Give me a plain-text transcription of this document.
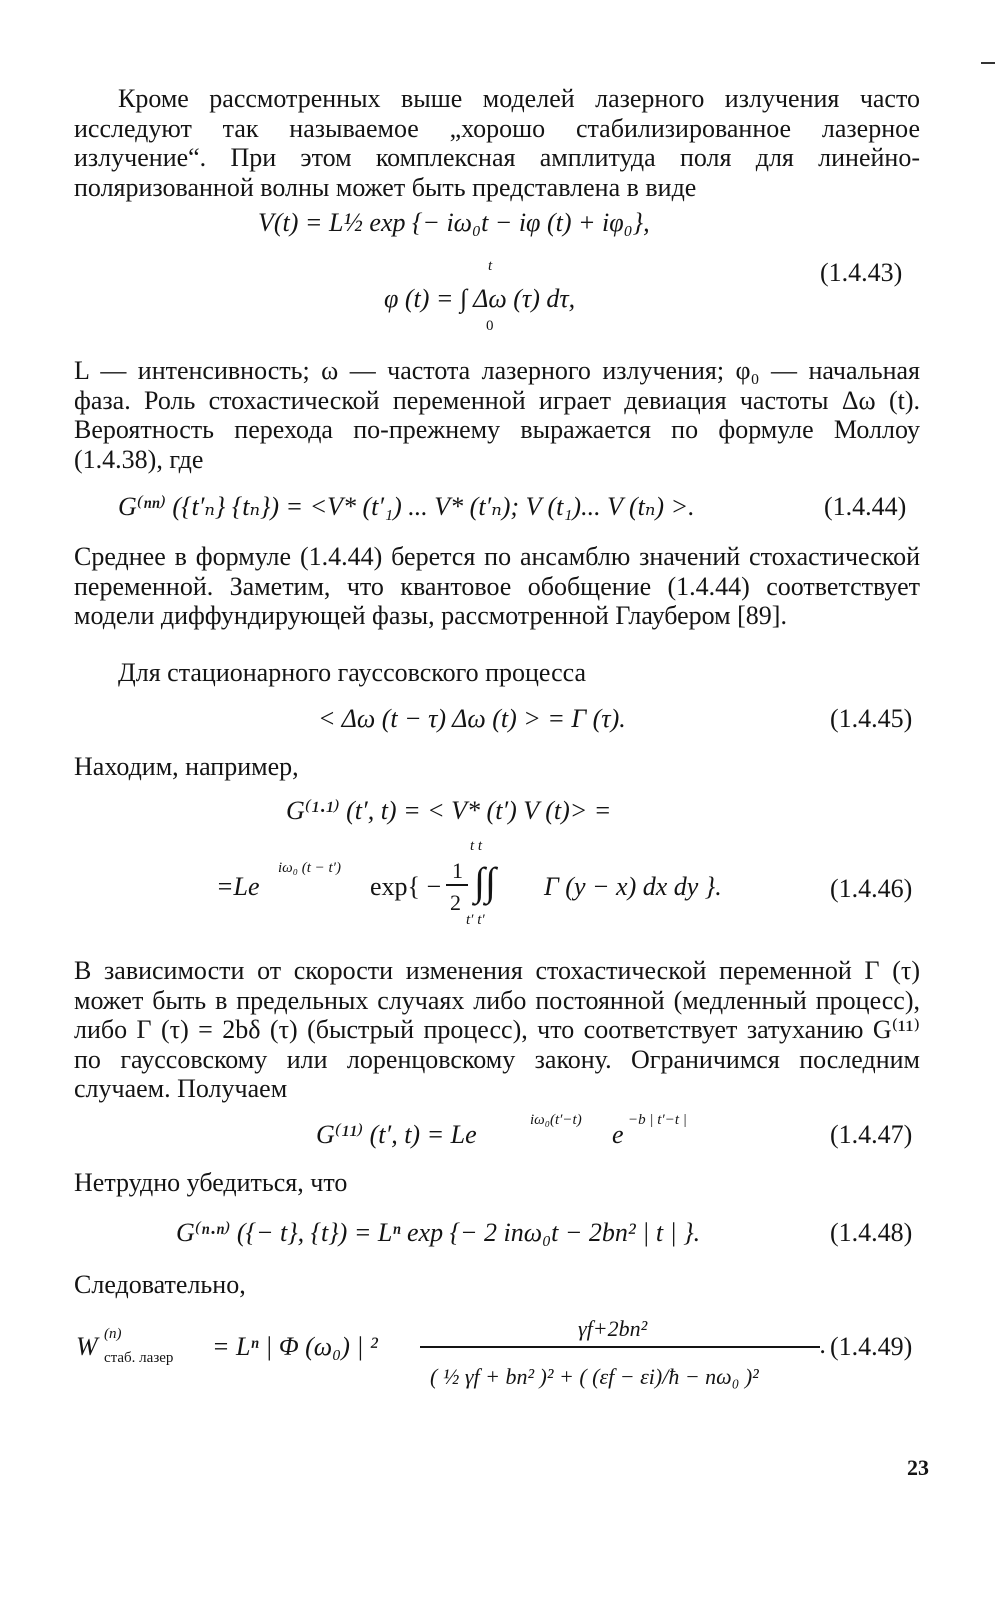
Кроме рассмотренных выше моделей лазерного излучения часто исследуют так называемое „хорошо стабилизированное лазерное излучение“. При этом комплексная амплитуда поля для линейно-поляризованной волны может быть представлена в виде

V(t) = L½ exp {− iω₀t − iφ (t) + iφ₀},
t
φ (t) = ∫ Δω (τ) dτ,
0
(1.4.43)

L — интенсивность; ω — частота лазерного излучения; φ₀ — начальная фаза. Роль стохастической переменной играет девиация частоты Δω (t). Вероятность перехода по-прежнему выражается по формуле Моллоу (1.4.38), где

G⁽ⁿⁿ⁾ ({t′ₙ} {tₙ}) = <V* (t′₁) ... V* (t′ₙ); V (t₁)... V (tₙ) >.	(1.4.44)

Среднее в формуле (1.4.44) берется по ансамблю значений стохастической переменной. Заметим, что квантовое обобщение (1.4.44) соответствует модели диффундирующей фазы, рассмотренной Глаубером [89].

Для стационарного гауссовского процесса

< Δω (t − τ) Δω (t) > = Γ (τ).	(1.4.45)

Находим, например,

G⁽¹·¹⁾ (t′, t) = < V* (t′) V (t)> =
t t
=Le
iω₀ (t − t′)
exp{ −
1
2 ∫∫ Γ (y − x) dx dy }.
t′ t′
(1.4.46)

В зависимости от скорости изменения стохастической переменной Γ (τ) может быть в предельных случаях либо постоянной (медленный процесс), либо Γ (τ) = 2bδ (τ) (быстрый процесс), что соответствует затуханию G⁽¹¹⁾ по гауссовскому или лоренцовскому закону. Ограничимся последним случаем. Получаем

G⁽¹¹⁾ (t′, t) = Le	iω₀(t′−t) e −b | t′−t |	(1.4.47)

Нетрудно убедиться, что

G⁽ⁿ·ⁿ⁾ ({− t}, {t}) = Lⁿ exp {− 2 inω₀t − 2bn² | t | }.	(1.4.48)

Следовательно,

W (n)
стаб. лазер = Lⁿ | Φ (ω₀) | ²
γf+2bn²
( ½ γf + bn² )² + ( (εf − εi)/ħ − nω₀ )²
. (1.4.49)
23
